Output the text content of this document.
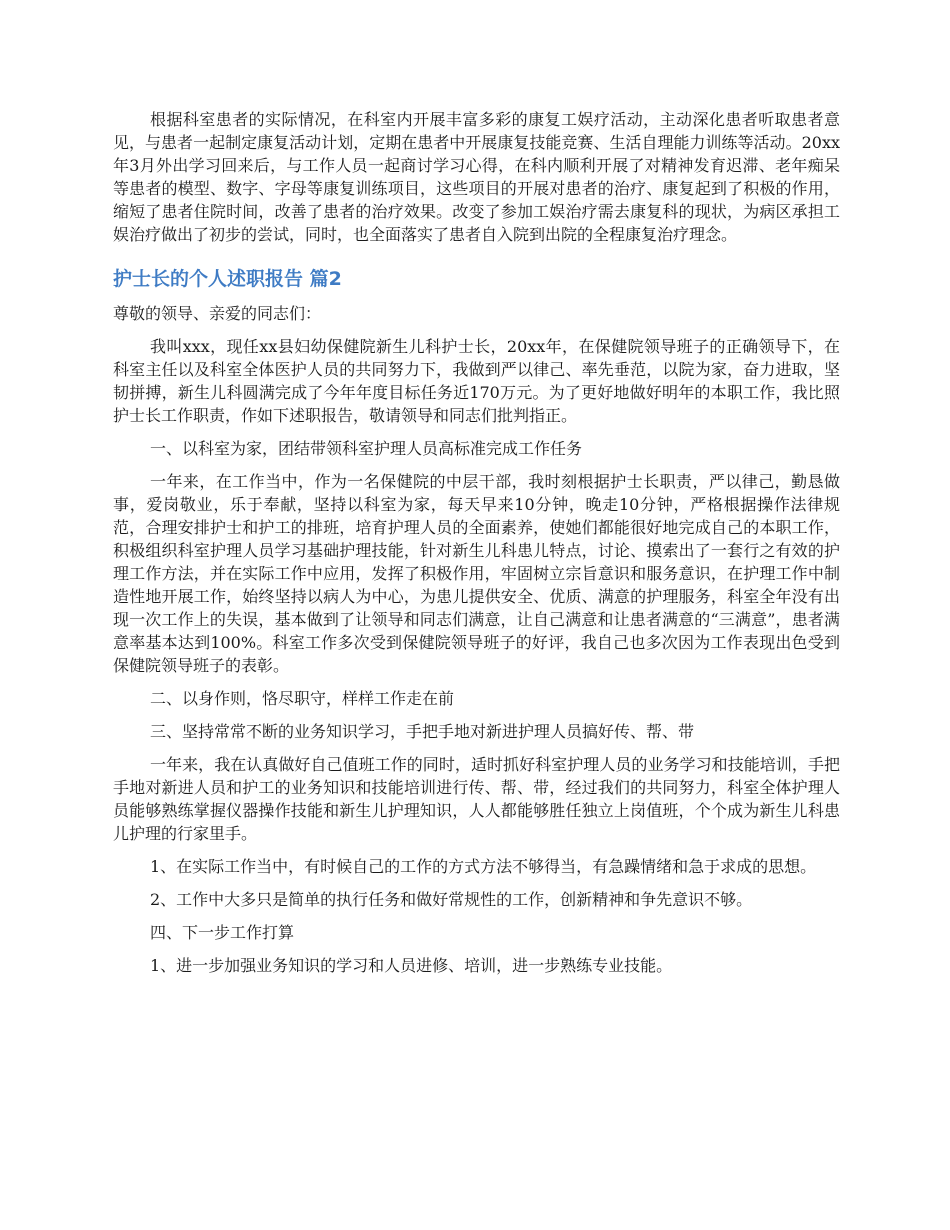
根据科室患者的实际情况，在科室内开展丰富多彩的康复工娱疗活动，主动深化患者听取患者意见，与患者一起制定康复活动计划，定期在患者中开展康复技能竞赛、生活自理能力训练等活动。20xx年3月外出学习回来后，与工作人员一起商讨学习心得，在科内顺利开展了对精神发育迟滞、老年痴呆等患者的模型、数字、字母等康复训练项目，这些项目的开展对患者的治疗、康复起到了积极的作用，缩短了患者住院时间，改善了患者的治疗效果。改变了参加工娱治疗需去康复科的现状，为病区承担工娱治疗做出了初步的尝试，同时，也全面落实了患者自入院到出院的全程康复治疗理念。

护士长的个人述职报告 篇2

尊敬的领导、亲爱的同志们：

我叫xxx，现任xx县妇幼保健院新生儿科护士长，20xx年，在保健院领导班子的正确领导下，在科室主任以及科室全体医护人员的共同努力下，我做到严以律己、率先垂范，以院为家，奋力进取，坚韧拼搏，新生儿科圆满完成了今年年度目标任务近170万元。为了更好地做好明年的本职工作，我比照护士长工作职责，作如下述职报告，敬请领导和同志们批判指正。

一、以科室为家，团结带领科室护理人员高标准完成工作任务

一年来，在工作当中，作为一名保健院的中层干部，我时刻根据护士长职责，严以律己，勤恳做事，爱岗敬业，乐于奉献，坚持以科室为家，每天早来10分钟，晚走10分钟，严格根据操作法律规范，合理安排护士和护工的排班，培育护理人员的全面素养，使她们都能很好地完成自己的本职工作，积极组织科室护理人员学习基础护理技能，针对新生儿科患儿特点，讨论、摸索出了一套行之有效的护理工作方法，并在实际工作中应用，发挥了积极作用，牢固树立宗旨意识和服务意识，在护理工作中制造性地开展工作，始终坚持以病人为中心，为患儿提供安全、优质、满意的护理服务，科室全年没有出现一次工作上的失误，基本做到了让领导和同志们满意，让自己满意和让患者满意的“三满意”，患者满意率基本达到100%。科室工作多次受到保健院领导班子的好评，我自己也多次因为工作表现出色受到保健院领导班子的表彰。

二、以身作则，恪尽职守，样样工作走在前

三、坚持常常不断的业务知识学习，手把手地对新进护理人员搞好传、帮、带

一年来，我在认真做好自己值班工作的同时，适时抓好科室护理人员的业务学习和技能培训，手把手地对新进人员和护工的业务知识和技能培训进行传、帮、带，经过我们的共同努力，科室全体护理人员能够熟练掌握仪器操作技能和新生儿护理知识，人人都能够胜任独立上岗值班，个个成为新生儿科患儿护理的行家里手。

1、在实际工作当中，有时候自己的工作的方式方法不够得当，有急躁情绪和急于求成的思想。

2、工作中大多只是简单的执行任务和做好常规性的工作，创新精神和争先意识不够。

四、下一步工作打算

1、进一步加强业务知识的学习和人员进修、培训，进一步熟练专业技能。
